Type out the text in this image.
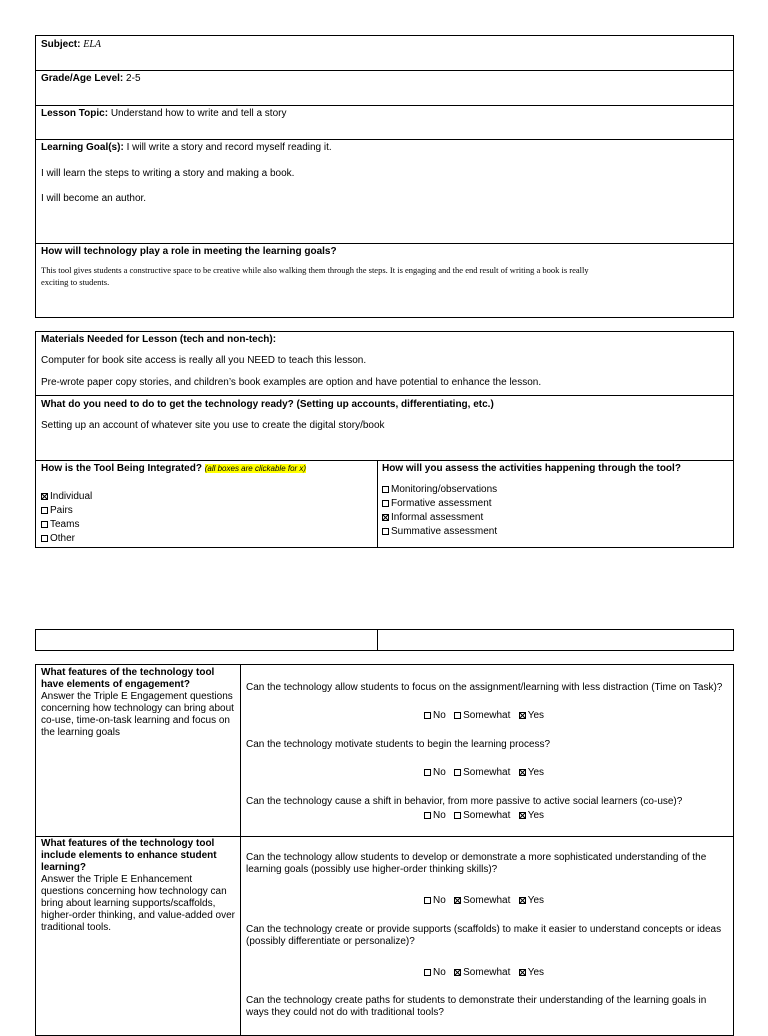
Subject: ELA
Grade/Age Level: 2-5
Lesson Topic: Understand how to write and tell a story
Learning Goal(s): I will write a story and record myself reading it.
I will learn the steps to writing a story and making a book.
I will become an author.
How will technology play a role in meeting the learning goals?
This tool gives students a constructive space to be creative while also walking them through the steps. It is engaging and the end result of writing a book is really
exciting to students.
Materials Needed for Lesson (tech and non-tech):
Computer for book site access is really all you NEED to teach this lesson.
Pre-wrote paper copy stories, and children’s book examples are option and have potential to enhance the lesson.
What do you need to do to get the technology ready? (Setting up accounts, differentiating, etc.)
Setting up an account of whatever site you use to create the digital story/book
How is the Tool Being Integrated? (all boxes are clickable for x)
Individual
Pairs
Teams
Other
How will you assess the activities happening through the tool?
Monitoring/observations
Formative assessment
Informal assessment
Summative assessment
What features of the technology tool
have elements of engagement?
Answer the Triple E Engagement questions concerning how technology can bring about co-use, time-on-task learning and focus on the learning goals
Can the technology allow students to focus on the assignment/learning with less distraction (Time on Task)?
No Somewhat Yes
Can the technology motivate students to begin the learning process?
No Somewhat Yes
Can the technology cause a shift in behavior, from more passive to active social learners (co-use)?
No Somewhat Yes
What features of the technology tool include elements to enhance student learning?
Answer the Triple E Enhancement questions concerning how technology can bring about learning supports/scaffolds, higher-order thinking, and value-added over traditional tools.
Can the technology allow students to develop or demonstrate a more sophisticated understanding of the learning goals (possibly use higher-order thinking skills)?
No Somewhat Yes
Can the technology create or provide supports (scaffolds) to make it easier to understand concepts or ideas (possibly differentiate or personalize)?
No Somewhat Yes
Can the technology create paths for students to demonstrate their understanding of the learning goals in ways they could not do with traditional tools?
